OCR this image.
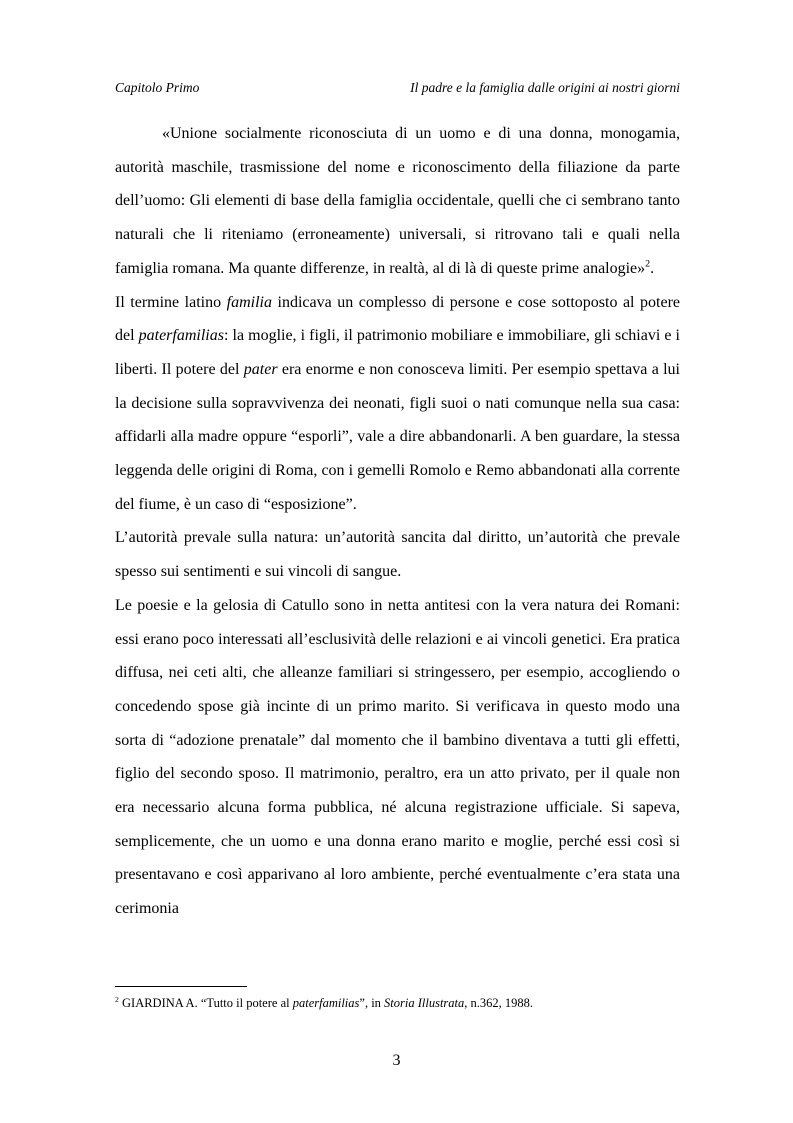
Capitolo Primo	Il padre e la famiglia dalle origini ai nostri giorni

«Unione socialmente riconosciuta di un uomo e di una donna, monogamia, autorità maschile, trasmissione del nome e riconoscimento della filiazione da parte dell’uomo: Gli elementi di base della famiglia occidentale, quelli che ci sembrano tanto naturali che li riteniamo (erroneamente) universali, si ritrovano tali e quali nella famiglia romana. Ma quante differenze, in realtà, al di là di queste prime analogie»$^2$.

Il termine latino familia indicava un complesso di persone e cose sottoposto al potere del paterfamilias: la moglie, i figli, il patrimonio mobiliare e immobiliare, gli schiavi e i liberti. Il potere del pater era enorme e non conosceva limiti. Per esempio spettava a lui la decisione sulla sopravvivenza dei neonati, figli suoi o nati comunque nella sua casa: affidarli alla madre oppure “esporli”, vale a dire abbandonarli. A ben guardare, la stessa leggenda delle origini di Roma, con i gemelli Romolo e Remo abbandonati alla corrente del fiume, è un caso di “esposizione”.

L’autorità prevale sulla natura: un’autorità sancita dal diritto, un’autorità che prevale spesso sui sentimenti e sui vincoli di sangue.

Le poesie e la gelosia di Catullo sono in netta antitesi con la vera natura dei Romani: essi erano poco interessati all’esclusività delle relazioni e ai vincoli genetici. Era pratica diffusa, nei ceti alti, che alleanze familiari si stringessero, per esempio, accogliendo o concedendo spose già incinte di un primo marito. Si verificava in questo modo una sorta di “adozione prenatale” dal momento che il bambino diventava a tutti gli effetti, figlio del secondo sposo. Il matrimonio, peraltro, era un atto privato, per il quale non era necessario alcuna forma pubblica, né alcuna registrazione ufficiale. Si sapeva, semplicemente, che un uomo e una donna erano marito e moglie, perché essi così si presentavano e così apparivano al loro ambiente, perché eventualmente c’era stata una cerimonia

$^2$ GIARDINA A. “Tutto il potere al paterfamilias”, in Storia Illustrata, n.362, 1988.
3
